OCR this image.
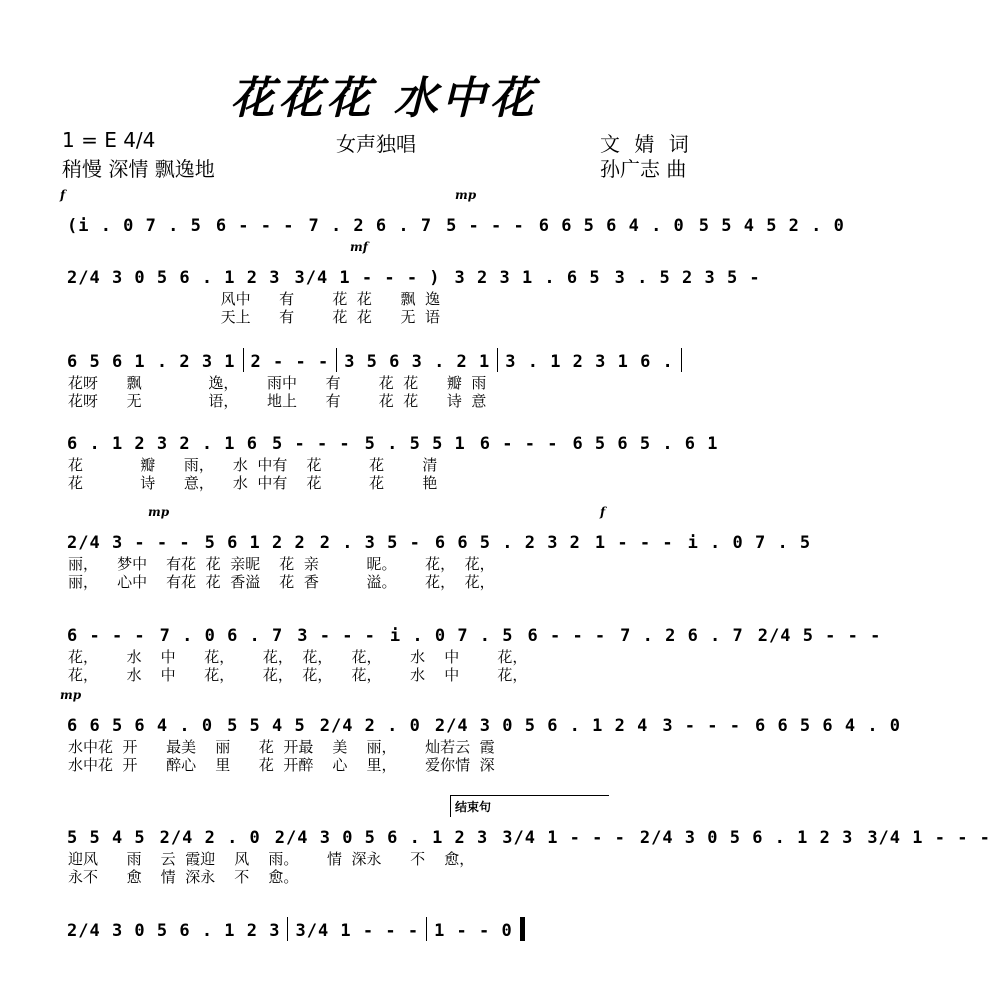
花花花 水中花
1 = E 4/4	女声独唱	文 婧 词
稍慢 深情 飘逸地	孙广志 曲
f	mp
(i . 0 7 . 5 6 - - - 7 . 2 6 . 7 5 - - - 6 6 5 6 4 . 0 5 5 4 5 2 . 0
mf
2/4 3 0 5 6 . 1 2 3 3/4 1 - - - ) 3 2 3 1 . 6 5 3 . 5 2 3 5 -
风中      有        花  花      飘  逸
天上      有        花  花      无  语
6 5 6 1 . 2 3 1 2 - - - 3 5 6 3 . 2 1 3 . 1 2 3 1 6 .
花呀      飘              逸，      雨中      有        花  花      瓣  雨
花呀      无              语，      地上      有        花  花      诗  意
6 . 1 2 3 2 . 1 6 5 - - - 5 . 5 5 1 6 - - - 6 5 6 5 . 6 1
花            瓣      雨，    水  中有    花          花        清
花            诗      意，    水  中有    花          花        艳
mp	f
2/4 3 - - - 5 6 1 2 2 2 . 3 5 - 6 6 5 . 2 3 2 1 - - - i . 0 7 . 5
丽，    梦中    有花  花  亲昵    花  亲          昵。      花，  花，
丽，    心中    有花  花  香溢    花  香          溢。      花，  花，
6 - - - 7 . 0 6 . 7 3 - - - i . 0 7 . 5 6 - - - 7 . 2 6 . 7 2/4 5 - - -
花，      水    中      花，      花，  花，    花，      水    中        花，
花，      水    中      花，      花，  花，    花，      水    中        花，
mp
6 6 5 6 4 . 0 5 5 4 5 2/4 2 . 0 2/4 3 0 5 6 . 1 2 4 3 - - - 6 6 5 6 4 . 0
水中花  开      最美    丽      花  开最    美    丽，      灿若云  霞
水中花  开      醉心    里      花  开醉    心    里，      爱你情  深
结束句
5 5 4 5 2/4 2 . 0 2/4 3 0 5 6 . 1 2 3 3/4 1 - - - 2/4 3 0 5 6 . 1 2 3 3/4 1 - - -
迎风      雨    云  霞迎    风    雨。      情  深永      不    愈，
永不      愈    情  深永    不    愈。
2/4 3 0 5 6 . 1 2 3 3/4 1 - - - 1 - - 0
